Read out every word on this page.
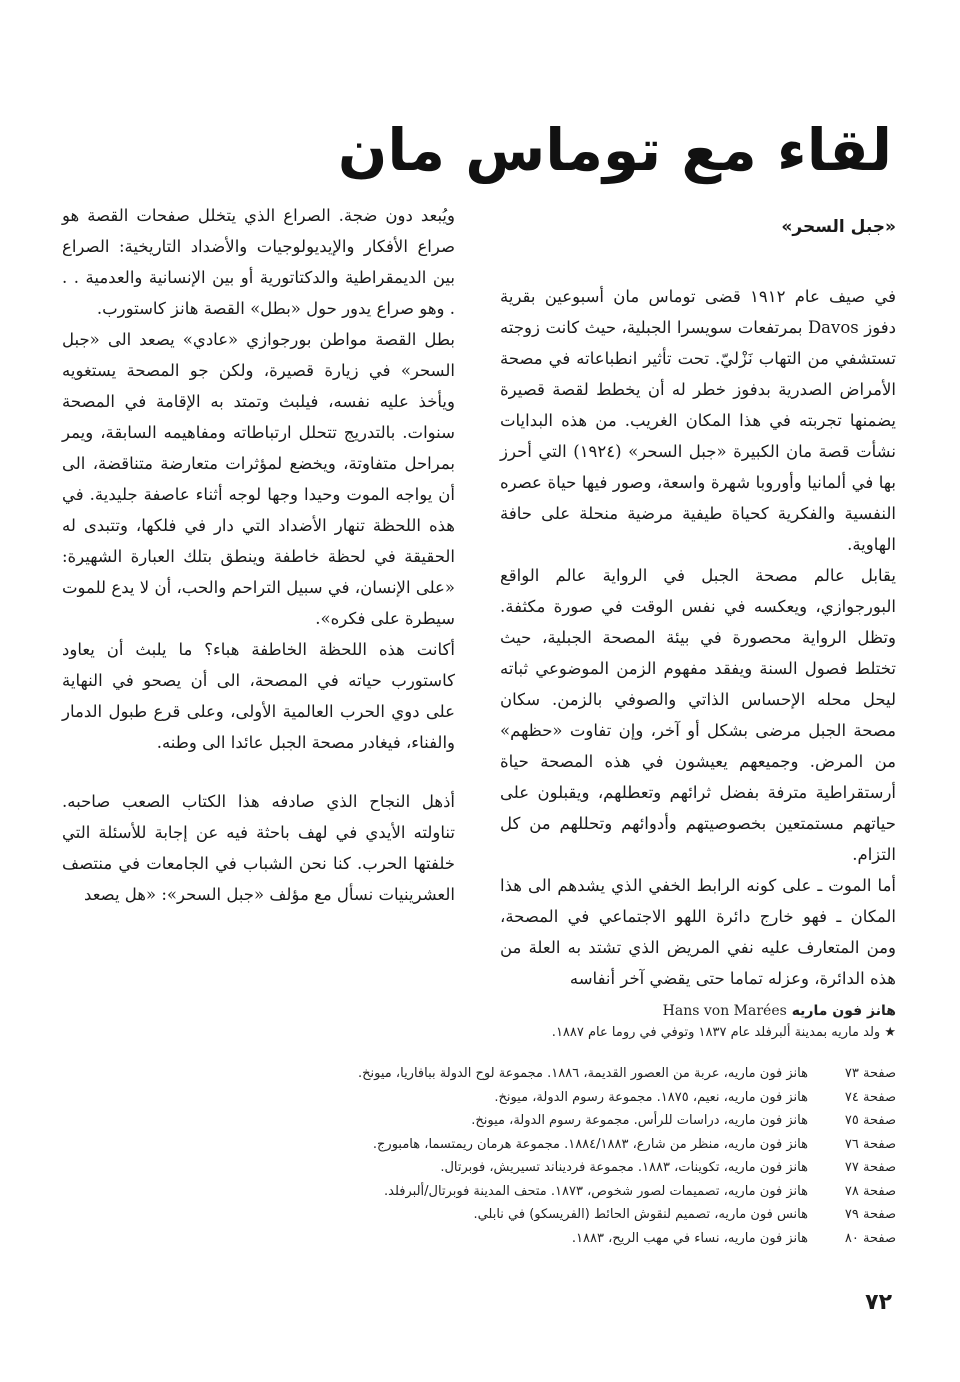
لقاء مع توماس مان
«جبل السحر»

في صيف عام ١٩١٢ قضى توماس مان أسبوعين بقرية دفوز Davos بمرتفعات سويسرا الجبلية، حيث كانت زوجته تستشفي من التهاب نَزْليّ. تحت تأثير انطباعاته في مصحة الأمراض الصدرية بدفوز خطر له أن يخطط لقصة قصيرة يضمنها تجربته في هذا المكان الغريب. من هذه البدايات نشأت قصة مان الكبيرة «جبل السحر» (١٩٢٤) التي أحرز بها في ألمانيا وأوروبا شهرة واسعة، وصور فيها حياة عصره النفسية والفكرية كحياة طيفية مرضية منحلة على حافة الهاوية.

يقابل عالم مصحة الجبل في الرواية عالم الواقع البورجوازي، ويعكسه في نفس الوقت في صورة مكثفة. وتظل الرواية محصورة في بيئة المصحة الجبلية، حيث تختلط فصول السنة ويفقد مفهوم الزمن الموضوعي ثباته ليحل محله الإحساس الذاتي والصوفي بالزمن. سكان مصحة الجبل مرضى بشكل أو آخر، وإن تفاوت «حظهم» من المرض. وجميعهم يعيشون في هذه المصحة حياة أرستقراطية مترفة بفضل ثرائهم وتعطلهم، ويقبلون على حياتهم مستمتعين بخصوصيتهم وأدوائهم وتحللهم من كل التزام.

أما الموت ـ على كونه الرابط الخفي الذي يشدهم الى هذا المكان ـ فهو خارج دائرة اللهو الاجتماعي في المصحة، ومن المتعارف عليه نفي المريض الذي تشتد به العلة من هذه الدائرة، وعزله تماما حتى يقضي آخر أنفاسه

ويُبعد دون ضجة. الصراع الذي يتخلل صفحات القصة هو صراع الأفكار والإيديولوجيات والأضداد التاريخية: الصراع بين الديمقراطية والدكتاتورية أو بين الإنسانية والعدمية . . . وهو صراع يدور حول «بطل» القصة هانز كاستورب.

بطل القصة مواطن بورجوازي «عادي» يصعد الى «جبل السحر» في زيارة قصيرة، ولكن جو المصحة يستغويه ويأخذ عليه نفسه، فيلبث وتمتد به الإقامة في المصحة سنوات. بالتدريج تتحلل ارتباطاته ومفاهيمه السابقة، ويمر بمراحل متفاوتة، ويخضع لمؤثرات متعارضة متناقضة، الى أن يواجه الموت وحيدا وجها لوجه أثناء عاصفة جليدية. في هذه اللحظة تنهار الأضداد التي دار في فلكها، وتتبدى له الحقيقة في لحظة خاطفة وينطق بتلك العبارة الشهيرة: «على الإنسان، في سبيل التراحم والحب، أن لا يدع للموت سيطرة على فكره».

أكانت هذه اللحظة الخاطفة هباء؟ ما يلبث أن يعاود كاستورب حياته في المصحة، الى أن يصحو في النهاية على دوي الحرب العالمية الأولى، وعلى قرع طبول الدمار والفناء، فيغادر مصحة الجبل عائدا الى وطنه.

أذهل النجاح الذي صادفه هذا الكتاب الصعب صاحبه. تناولته الأيدي في لهف باحثة فيه عن إجابة للأسئلة التي خلفتها الحرب. كنا نحن الشباب في الجامعات في منتصف العشرينيات نسأل مع مؤلف «جبل السحر»: «هل يصعد

هانز فون ماريه Hans von Marées
★ ولد ماريه بمدينة ألبرفلد عام ١٨٣٧ وتوفي في روما عام ١٨٨٧.
صفحة ٧٣
هانز فون ماريه، عربة من العصور القديمة، ١٨٨٦. مجموعة لوح الدولة ببافاريا، ميونخ.
صفحة ٧٤
هانز فون ماريه، نعيم، ١٨٧٥. مجموعة رسوم الدولة، ميونخ.
صفحة ٧٥
هانز فون ماريه، دراسات للرأس. مجموعة رسوم الدولة، ميونخ.
صفحة ٧٦
هانز فون ماريه، منظر من شارع، ١٨٨٤/١٨٨٣. مجموعة هرمان ريمتسما، هامبورج.
صفحة ٧٧
هانز فون ماريه، تكوينات، ١٨٨٣. مجموعة فرديناند تسيريش، فوبرتال.
صفحة ٧٨
هانز فون ماريه، تصميمات لصور شخوص، ١٨٧٣. متحف المدينة فوبرتال/ألبرفلد.
صفحة ٧٩
هانس فون ماريه، تصميم لنقوش الحائط (الفريسكو) في نابلي.
صفحة ٨٠
هانز فون ماريه، نساء في مهب الريح، ١٨٨٣.
٧٢
